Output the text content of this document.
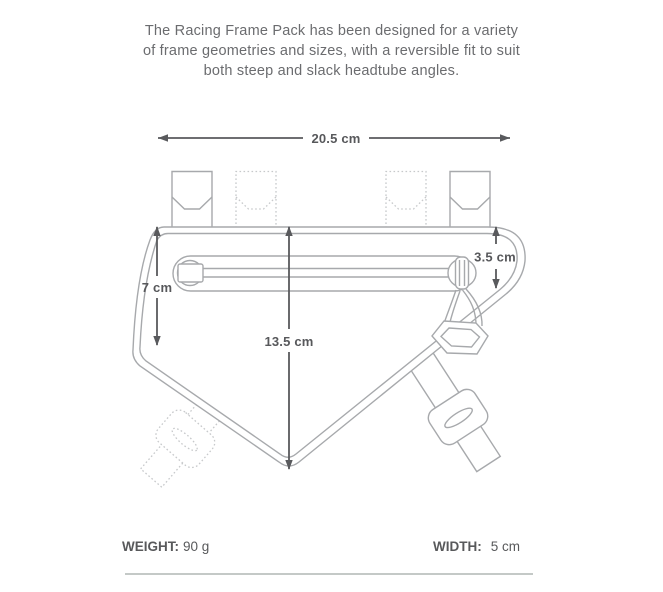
The Racing Frame Pack has been designed for a variety
of frame geometries and sizes, with a reversible fit to suit
both steep and slack headtube angles.
20.5 cm
7 cm
3.5 cm
13.5 cm
WEIGHT: 90 g	WIDTH: 5 cm
